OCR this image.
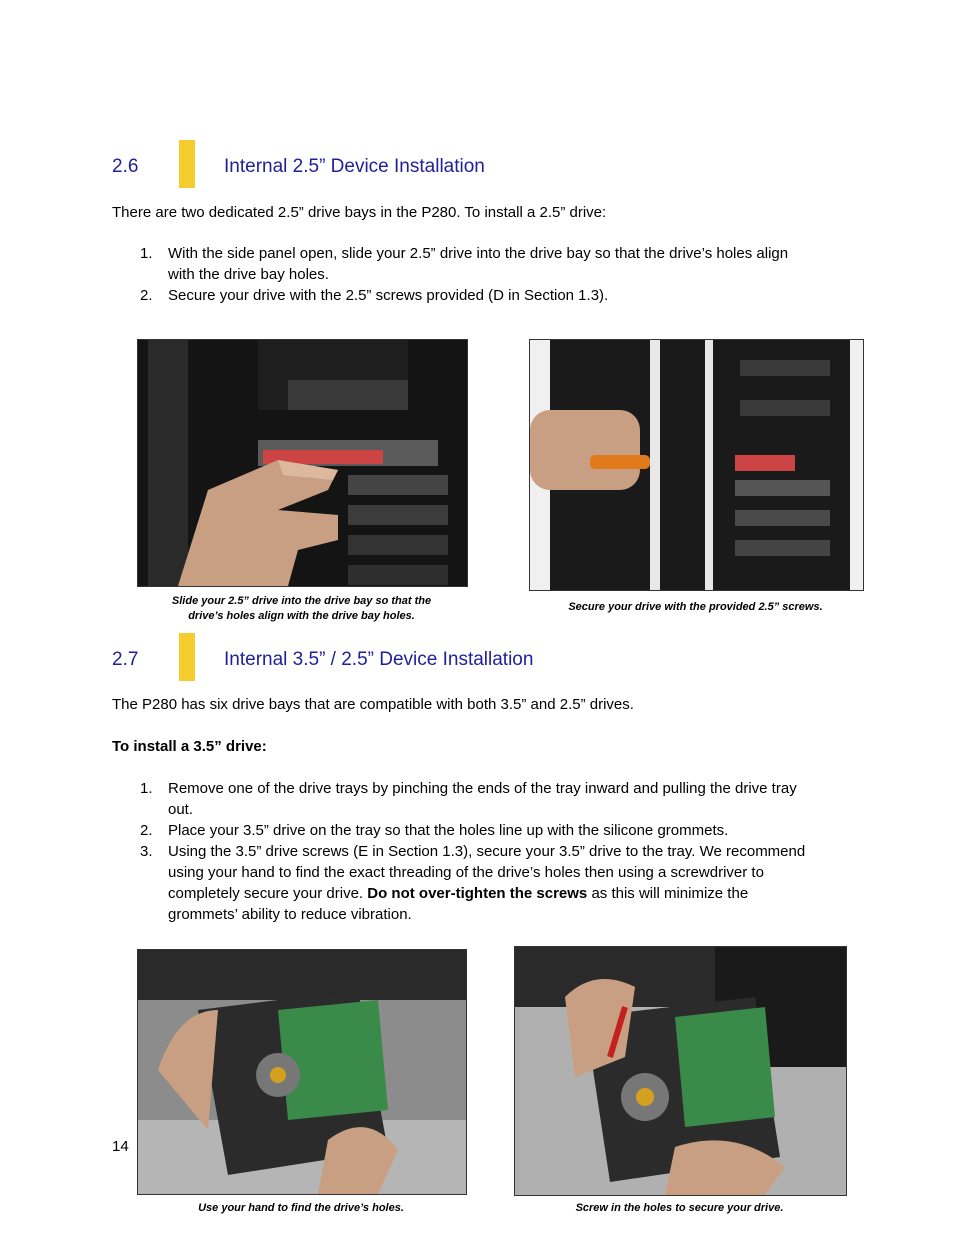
2.6	Internal 2.5” Device Installation
There are two dedicated 2.5” drive bays in the P280. To install a 2.5” drive:
1.	With the side panel open, slide your 2.5” drive into the drive bay so that the drive’s holes align
with the drive bay holes.
2.	Secure your drive with the 2.5” screws provided (D in Section 1.3).
Slide your 2.5” drive into the drive bay so that the
drive’s holes align with the drive bay holes.
Secure your drive with the provided 2.5” screws.
2.7	Internal 3.5” / 2.5” Device Installation
The P280 has six drive bays that are compatible with both 3.5” and 2.5” drives.
To install a 3.5” drive:
1.	Remove one of the drive trays by pinching the ends of the tray inward and pulling the drive tray
out.
2.	Place your 3.5” drive on the tray so that the holes line up with the silicone grommets.
3.	Using the 3.5” drive screws (E in Section 1.3), secure your 3.5” drive to the tray. We recommend
using your hand to find the exact threading of the drive’s holes then using a screwdriver to
completely secure your drive. Do not over-tighten the screws as this will minimize the
grommets’ ability to reduce vibration.
Use your hand to find the drive’s holes.	Screw in the holes to secure your drive.
14
